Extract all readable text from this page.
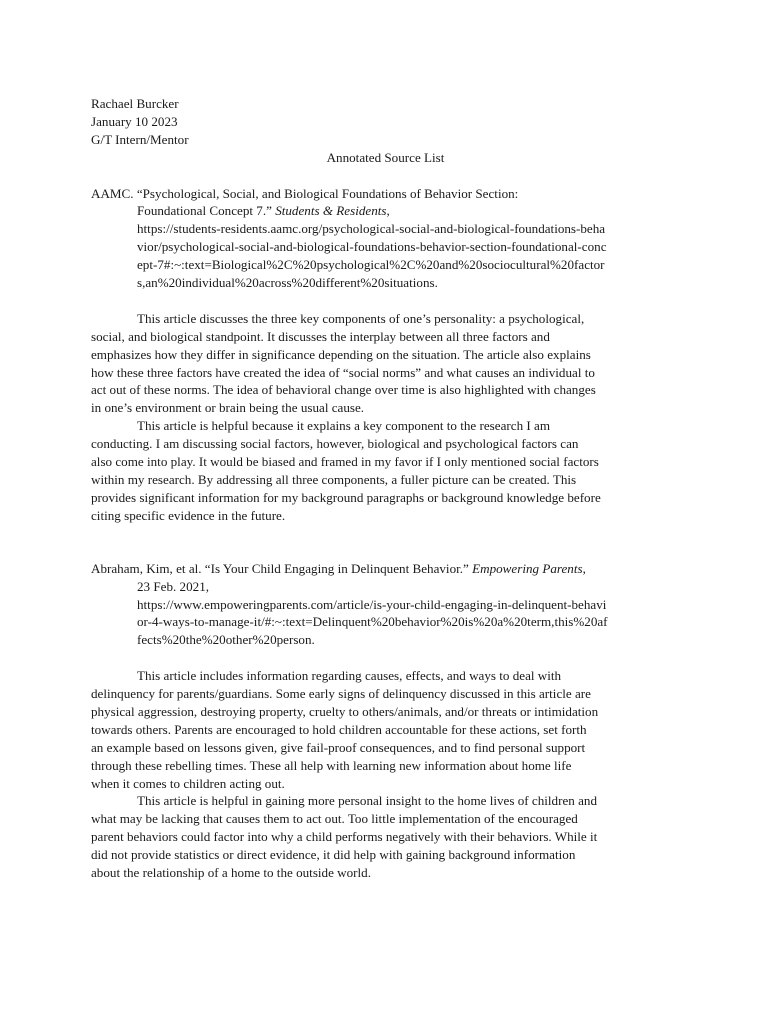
Rachael Burcker
January 10 2023
G/T Intern/Mentor
Annotated Source List
AAMC. “Psychological, Social, and Biological Foundations of Behavior Section:
Foundational Concept 7.” Students & Residents,
https://students-residents.aamc.org/psychological-social-and-biological-foundations-beha
vior/psychological-social-and-biological-foundations-behavior-section-foundational-conc
ept-7#:~:text=Biological%2C%20psychological%2C%20and%20sociocultural%20factor
s,an%20individual%20across%20different%20situations.
This article discusses the three key components of one’s personality: a psychological,
social, and biological standpoint. It discusses the interplay between all three factors and
emphasizes how they differ in significance depending on the situation. The article also explains
how these three factors have created the idea of “social norms” and what causes an individual to
act out of these norms. The idea of behavioral change over time is also highlighted with changes
in one’s environment or brain being the usual cause.
This article is helpful because it explains a key component to the research I am
conducting. I am discussing social factors, however, biological and psychological factors can
also come into play. It would be biased and framed in my favor if I only mentioned social factors
within my research. By addressing all three components, a fuller picture can be created. This
provides significant information for my background paragraphs or background knowledge before
citing specific evidence in the future.
Abraham, Kim, et al. “Is Your Child Engaging in Delinquent Behavior.” Empowering Parents,
23 Feb. 2021,
https://www.empoweringparents.com/article/is-your-child-engaging-in-delinquent-behavi
or-4-ways-to-manage-it/#:~:text=Delinquent%20behavior%20is%20a%20term,this%20af
fects%20the%20other%20person.
This article includes information regarding causes, effects, and ways to deal with
delinquency for parents/guardians. Some early signs of delinquency discussed in this article are
physical aggression, destroying property, cruelty to others/animals, and/or threats or intimidation
towards others. Parents are encouraged to hold children accountable for these actions, set forth
an example based on lessons given, give fail-proof consequences, and to find personal support
through these rebelling times. These all help with learning new information about home life
when it comes to children acting out.
This article is helpful in gaining more personal insight to the home lives of children and
what may be lacking that causes them to act out. Too little implementation of the encouraged
parent behaviors could factor into why a child performs negatively with their behaviors. While it
did not provide statistics or direct evidence, it did help with gaining background information
about the relationship of a home to the outside world.
